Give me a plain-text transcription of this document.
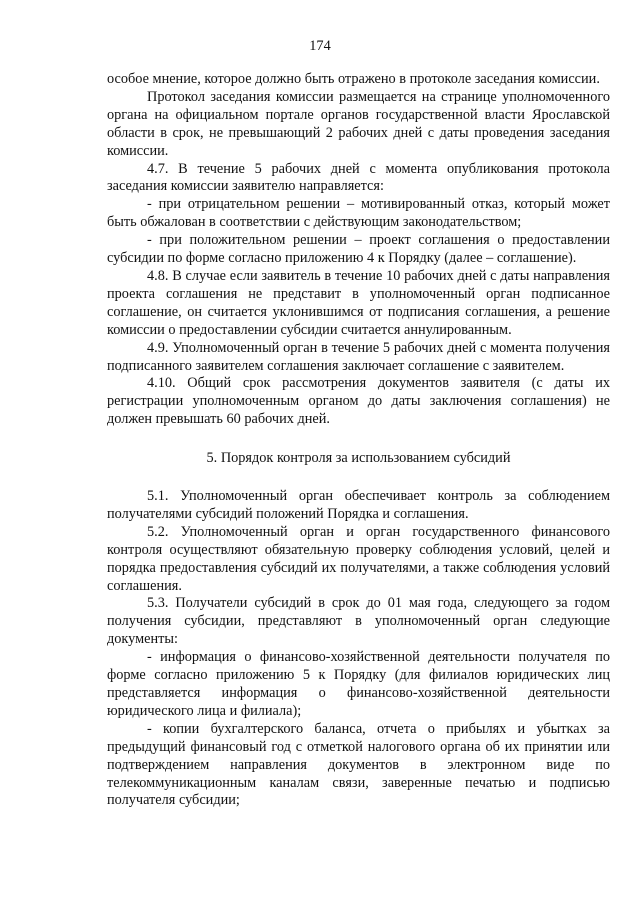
174

особое мнение, которое должно быть отражено в протоколе заседания комиссии.

Протокол заседания комиссии размещается на странице уполномоченного органа на официальном портале органов государственной власти Ярославской области в срок, не превышающий 2 рабочих дней с даты проведения заседания комиссии.

4.7. В течение 5 рабочих дней с момента опубликования протокола заседания комиссии заявителю направляется:

- при отрицательном решении – мотивированный отказ, который может быть обжалован в соответствии с действующим законодательством;

- при положительном решении – проект соглашения о предоставлении субсидии по форме согласно приложению 4 к Порядку (далее – соглашение).

4.8. В случае если заявитель в течение 10 рабочих дней с даты направления проекта соглашения не представит в уполномоченный орган подписанное соглашение, он считается уклонившимся от подписания соглашения, а решение комиссии о предоставлении субсидии считается аннулированным.

4.9. Уполномоченный орган в течение 5 рабочих дней с момента получения подписанного заявителем соглашения заключает соглашение с заявителем.

4.10. Общий срок рассмотрения документов заявителя (с даты их регистрации уполномоченным органом до даты заключения соглашения) не должен превышать 60 рабочих дней.

5. Порядок контроля за использованием субсидий

5.1. Уполномоченный орган обеспечивает контроль за соблюдением получателями субсидий положений Порядка и соглашения.

5.2. Уполномоченный орган и орган государственного финансового контроля осуществляют обязательную проверку соблюдения условий, целей и порядка предоставления субсидий их получателями, а также соблюдения условий соглашения.

5.3. Получатели субсидий в срок до 01 мая года, следующего за годом получения субсидии, представляют в уполномоченный орган следующие документы:

- информация о финансово-хозяйственной деятельности получателя по форме согласно приложению 5 к Порядку (для филиалов юридических лиц представляется информация о финансово-хозяйственной деятельности юридического лица и филиала);

- копии бухгалтерского баланса, отчета о прибылях и убытках за предыдущий финансовый год с отметкой налогового органа об их принятии или подтверждением направления документов в электронном виде по телекоммуникационным каналам связи, заверенные печатью и подписью получателя субсидии;
